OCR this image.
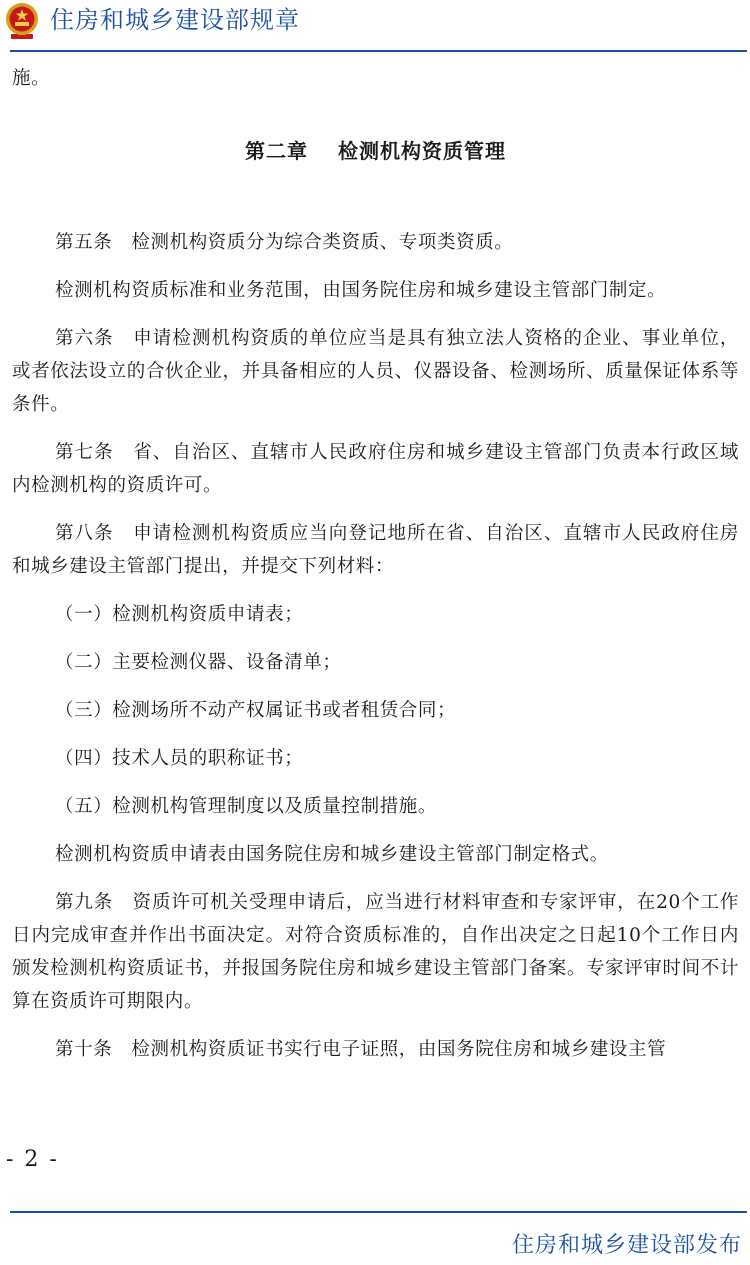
住房和城乡建设部规章

施。

第二章 检测机构资质管理

第五条　检测机构资质分为综合类资质、专项类资质。

检测机构资质标准和业务范围，由国务院住房和城乡建设主管部门制定。

第六条　申请检测机构资质的单位应当是具有独立法人资格的企业、事业单位，或者依法设立的合伙企业，并具备相应的人员、仪器设备、检测场所、质量保证体系等条件。

第七条　省、自治区、直辖市人民政府住房和城乡建设主管部门负责本行政区域内检测机构的资质许可。

第八条　申请检测机构资质应当向登记地所在省、自治区、直辖市人民政府住房和城乡建设主管部门提出，并提交下列材料：

（一）检测机构资质申请表；

（二）主要检测仪器、设备清单；

（三）检测场所不动产权属证书或者租赁合同；

（四）技术人员的职称证书；

（五）检测机构管理制度以及质量控制措施。

检测机构资质申请表由国务院住房和城乡建设主管部门制定格式。

第九条　资质许可机关受理申请后，应当进行材料审查和专家评审，在20个工作日内完成审查并作出书面决定。对符合资质标准的，自作出决定之日起10个工作日内颁发检测机构资质证书，并报国务院住房和城乡建设主管部门备案。专家评审时间不计算在资质许可期限内。

第十条　检测机构资质证书实行电子证照，由国务院住房和城乡建设主管

- 2 -
住房和城乡建设部发布
